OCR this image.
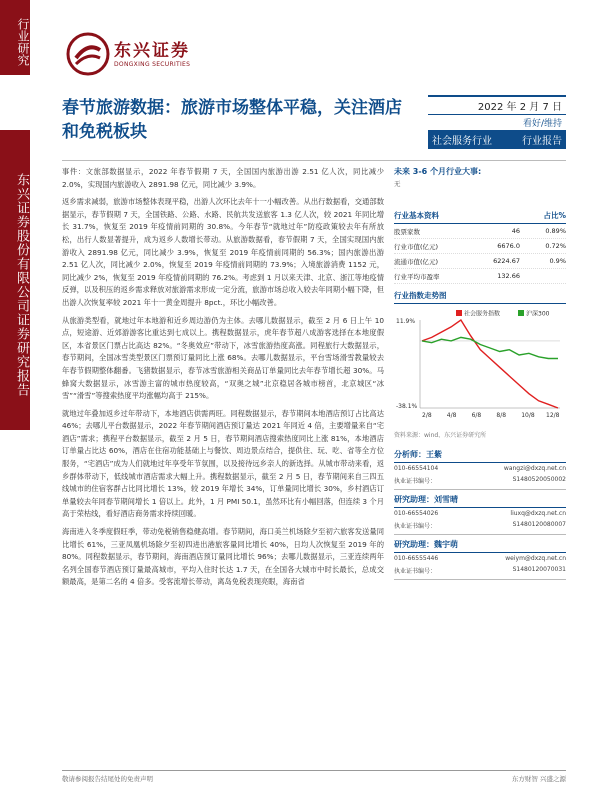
行业研究
东兴证券股份有限公司证券研究报告
东兴证券
DONGXING SECURITIES
春节旅游数据：旅游市场整体平稳，关注酒店和免税板块
2022 年 2 月 7 日
看好/维持
社会服务行业	行业报告

事件：文旅部数据显示，2022 年春节假期 7 天，全国国内旅游出游 2.51 亿人次，同比减少 2.0%，实现国内旅游收入 2891.98 亿元，同比减少 3.9%。

返乡需求减弱，旅游市场整体表现平稳，出游人次环比去年十一小幅改善。从出行数据看，交通部数据显示，春节假期 7 天，全国铁路、公路、水路、民航共发送旅客 1.3 亿人次，较 2021 年同比增长 31.7%，恢复至 2019 年疫情前同期的 30.8%。今年春节“就地过年”防疫政策较去年有所放松，出行人数显著提升，成为返乡人数增长带动。从旅游数据看，春节假期 7 天，全国实现国内旅游收入 2891.98 亿元，同比减少 3.9%，恢复至 2019 年疫情前同期的 56.3%；国内旅游出游 2.51 亿人次，同比减少 2.0%，恢复至 2019 年疫情前同期的 73.9%；入境旅游消费 1152 元，同比减少 2%，恢复至 2019 年疫情前同期的 76.2%。考虑到 1 月以来天津、北京、浙江等地疫情反弹，以及积压的返乡需求释放对旅游需求形成一定分流，旅游市场总收入较去年同期小幅下降，但出游人次恢复率较 2021 年十一黄金周提升 8pct.，环比小幅改善。

从旅游类型看，就地过年本地游和近乡周边游仍为主体。去哪儿数据显示，截至 2 月 6 日上午 10 点，短途游、近郊游游客比重达到七成以上。携程数据显示，虎年春节超八成游客选择在本地度假区，本省景区门票占比高达 82%。“冬奥效应”带动下，冰雪旅游热度高涨。同程旅行大数据显示，春节期间，全国冰雪类型景区门票预订量同比上涨 68%。去哪儿数据显示，平台雪场滑雪教量较去年春节假期整体翻番。飞猪数据显示，春节冰雪旅游相关商品订单量同比去年春节增长超 30%。马蜂窝大数据显示，冰雪游主富的城市热度较高，“双奥之城”北京稳居各城市榜首，北京城区“冰雪”“滑雪”等搜索热度平均涨幅均高于 215%。

就地过年叠加返乡过年带动下，本地酒店供需两旺。同程数据显示，春节期间本地酒店预订占比高达 46%；去哪儿平台数据显示，2022 年春节期间酒店预订量达 2021 年同近 4 倍，主要增量来自“宅酒店”需求；携程平台数据显示，截至 2 月 5 日，春节期间酒店搜索热度同比上涨 81%，本地酒店订单量占比达 60%，酒店在住宿功能基础上与餐饮、周边景点结合，提供住、玩、吃、省等全方位服务，“宅酒店”成为人们就地过年享受年节氛围，以及接待远乡亲人的新选择。从城市带动来看，返乡群体带动下，低线城市酒店需求大幅上升。携程数据显示，截至 2 月 5 日，春节期间来自三四五线城市的住宿客群占比同比增长 13%，较 2019 年增长 34%，订单量同比增长 30%，乡村酒店订单量较去年同春节期间增长 1 倍以上。此外，1 月 PMI 50.1，虽然环比有小幅回落，但连续 3 个月高于荣枯线，看好酒店商务需求持续回暖。

海南进入冬季度假旺季，带动免税销售稳健高增。春节期间，海口美兰机场除夕至初六旅客发送量同比增长 61%，三亚凤凰机场除夕至初四进出港旅客量同比增长 40%，日均人次恢复至 2019 年的 80%。同程数据显示，春节期间，海南酒店预订量同比增长 96%；去哪儿数据显示，三亚连续两年名列全国春节酒店预订量最高城市，平均入住时长达 1.7 天，在全国各大城市中时长最长，总成交额最高，是第二名的 4 倍多。受客流增长带动，离岛免税表现亮眼，海南省

未来 3-6 个月行业大事:
无
行业基本资料	占比%
股票家数	46	0.89%
行业市值(亿元)	6676.0	0.72%
流通市值(亿元)	6224.67	0.9%
行业平均市盈率	132.66
行业指数走势图
11.9%
-38.1%
2/8	4/8	6/8	8/8	10/8 12/8
社会服务指数	沪深300
资料来源：wind、东兴证券研究所
分析师：王紫
010-66554104	wangzi@dxzq.net.cn
执业证书编号：	S1480520050002
研究助理：刘雪晴
010-66554026	liuxq@dxzq.net.cn
执业证书编号：	S1480120080007
研究助理：魏宇萌
010-66555446	weiym@dxzq.net.cn
执业证书编号：	S1480120070031
敬请参阅报告结尾处的免责声明	东方财智 兴盛之源
